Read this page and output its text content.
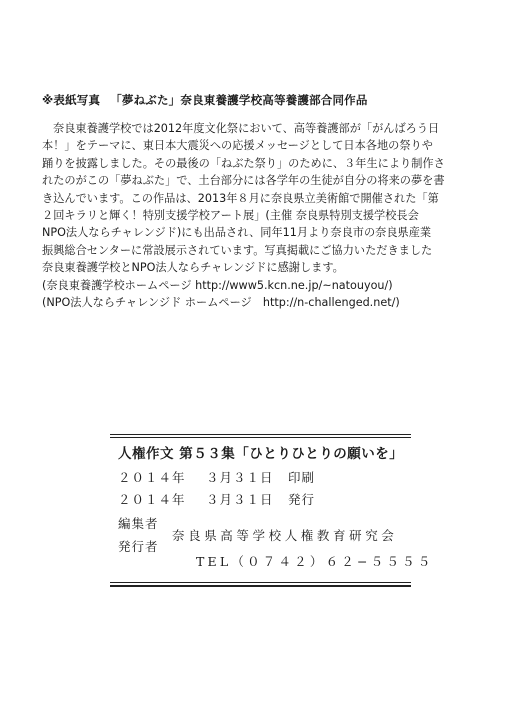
※表紙写真 「夢ねぶた」奈良東養護学校高等養護部合同作品

奈良東養護学校では2012年度文化祭において、高等養護部が「がんばろう日
本！」をテーマに、東日本大震災への応援メッセージとして日本各地の祭りや
踊りを披露しました。その最後の「ねぶた祭り」のために、３年生により制作さ
れたのがこの「夢ねぶた」で、土台部分には各学年の生徒が自分の将来の夢を書
き込んでいます。この作品は、2013年８月に奈良県立美術館で開催された「第
２回キラリと輝く！特別支援学校アート展」(主催 奈良県特別支援学校長会
NPO法人ならチャレンジド)にも出品され、同年11月より奈良市の奈良県産業
振興総合センターに常設展示されています。写真掲載にご協力いただきました
奈良東養護学校とNPO法人ならチャレンジドに感謝します。
(奈良東養護学校ホームページ http://www5.kcn.ne.jp/~natouyou/)
(NPO法人ならチャレンジド ホームページ　http://n-challenged.net/)

人権作文 第５３集「ひとりひとりの願いを」
２０１４年 ３月３１日 印刷
２０１４年 ３月３１日 発行
編集者
発行者
奈良県高等学校人権教育研究会
TEL（０７４２）６２−５５５５
